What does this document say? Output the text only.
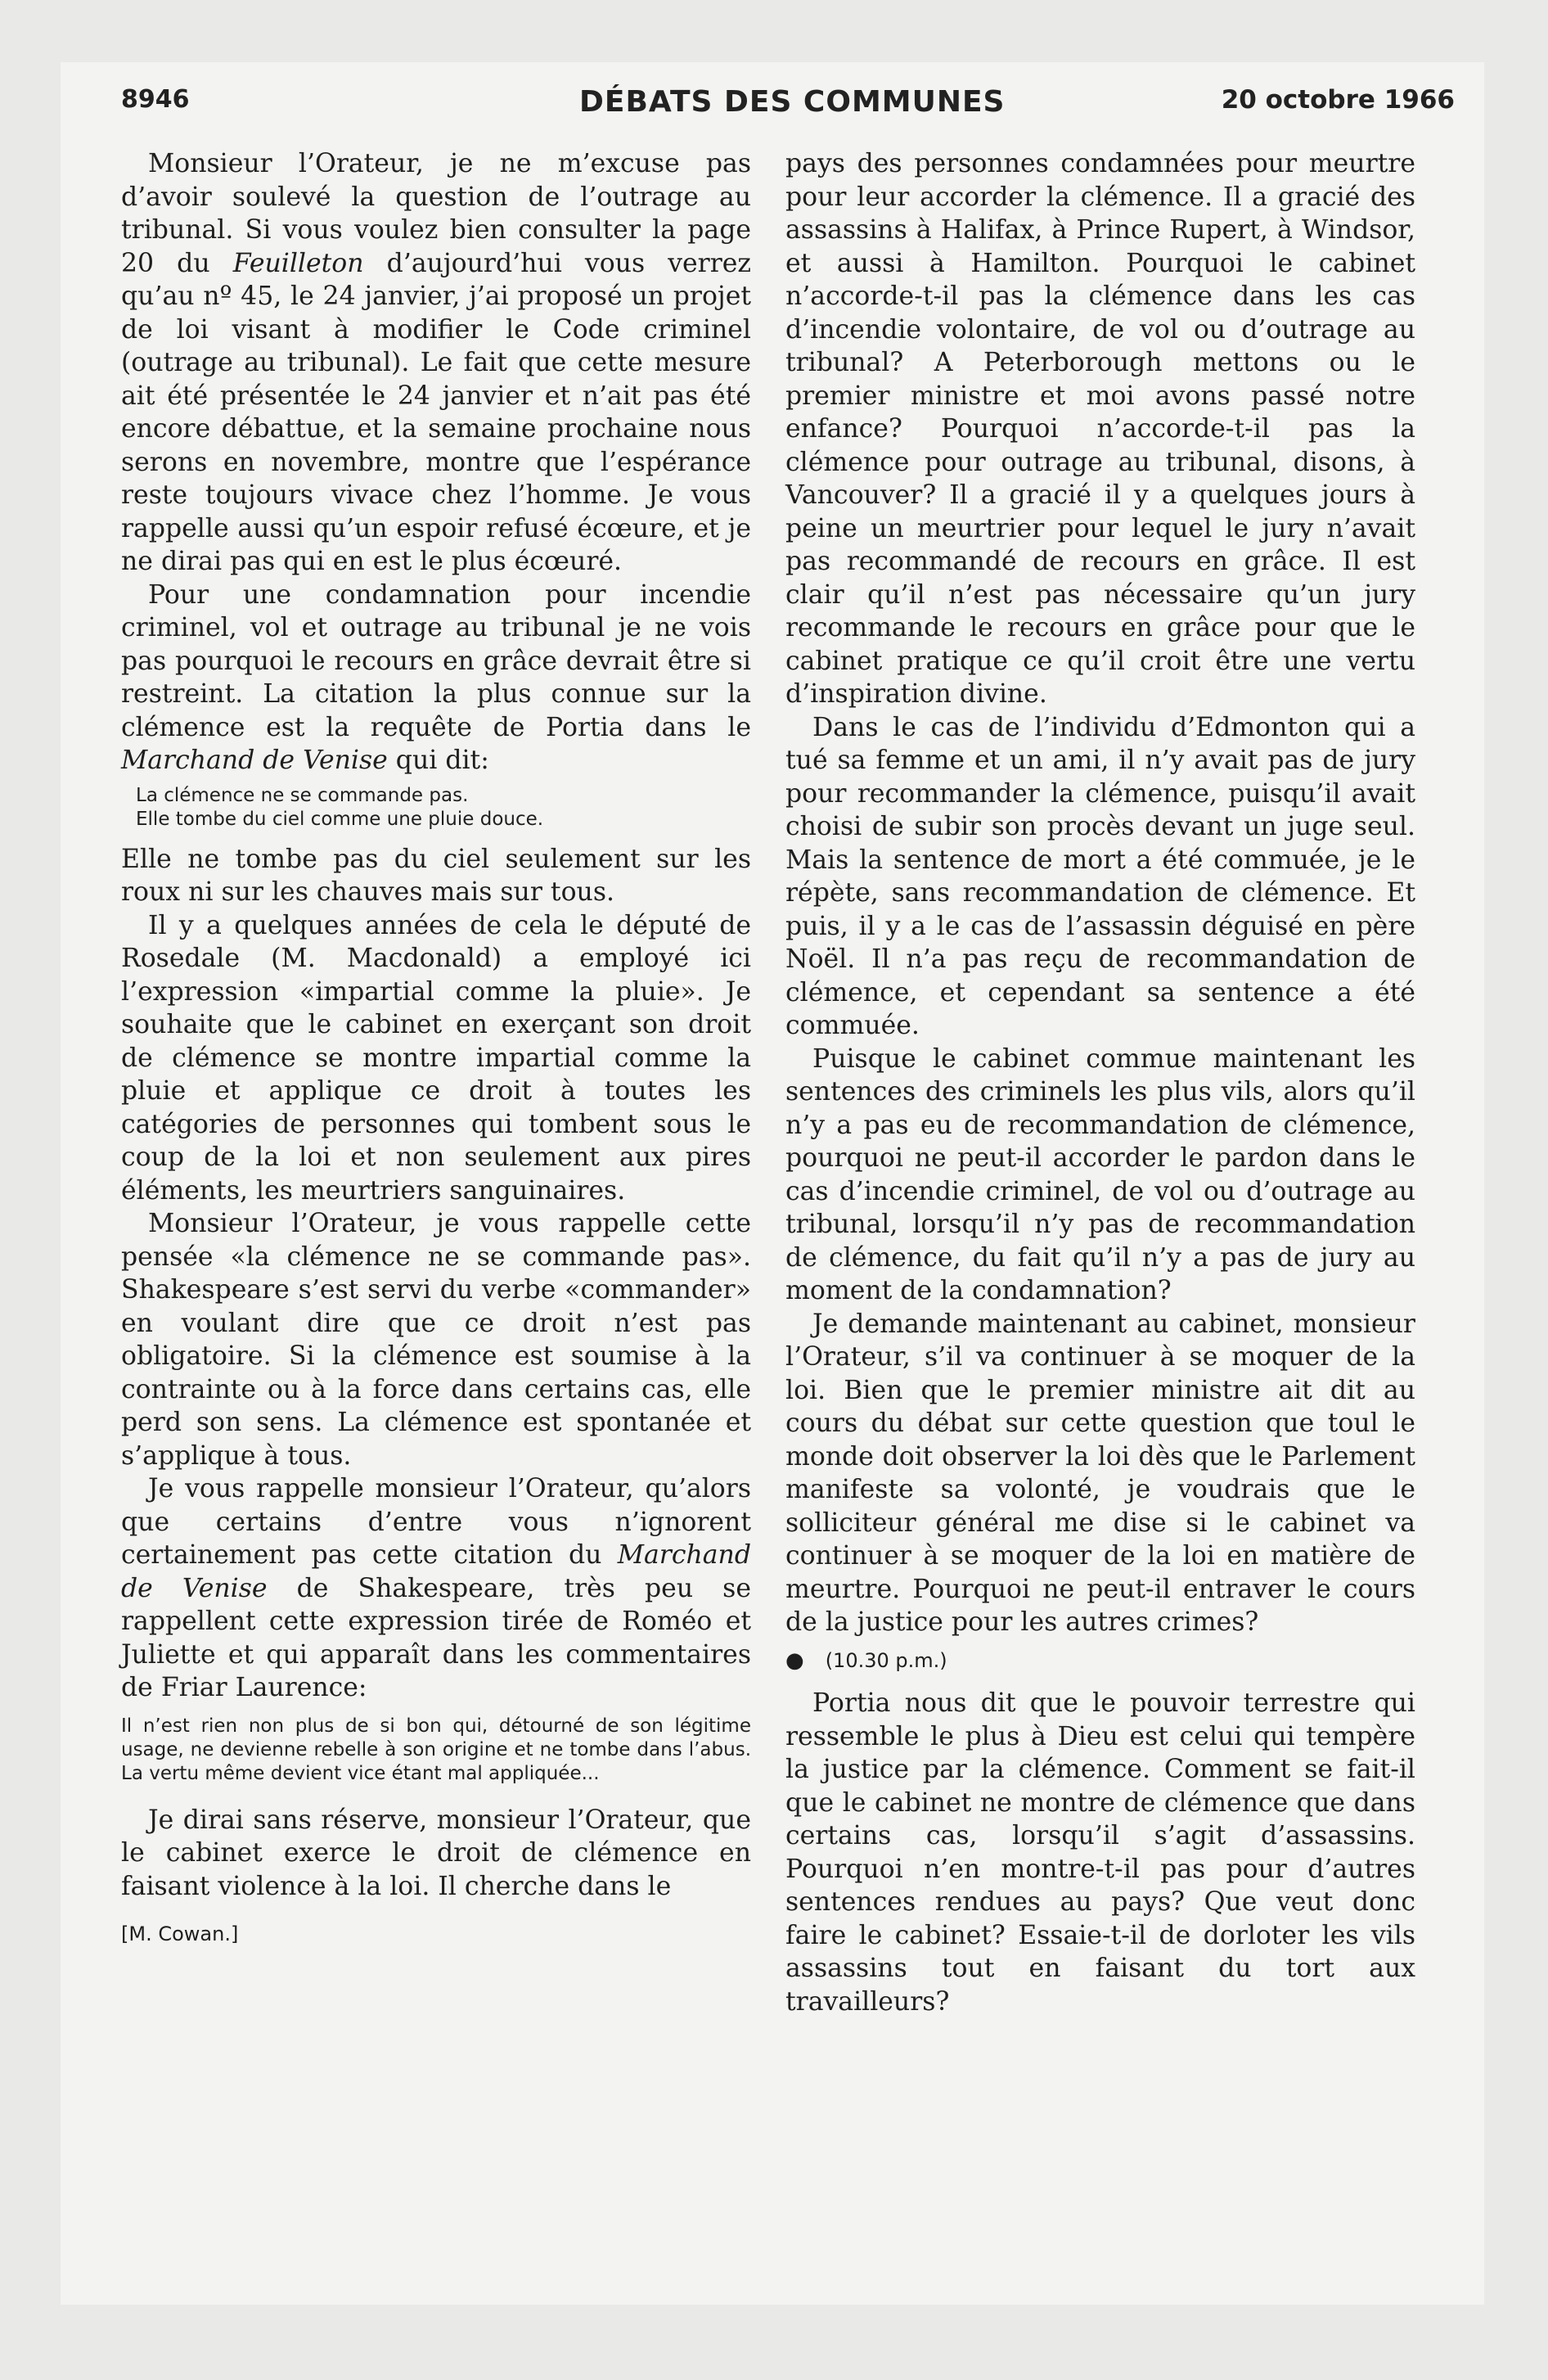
8946	DÉBATS DES COMMUNES	20 octobre 1966

Monsieur l’Orateur, je ne m’excuse pas d’avoir soulevé la question de l’outrage au tribunal. Si vous voulez bien consulter la page 20 du Feuilleton d’aujourd’hui vous verrez qu’au nº 45, le 24 janvier, j’ai proposé un projet de loi visant à modifier le Code criminel (outrage au tribunal). Le fait que cette mesure ait été présentée le 24 janvier et n’ait pas été encore débattue, et la semaine prochaine nous serons en novembre, montre que l’espérance reste toujours vivace chez l’homme. Je vous rappelle aussi qu’un espoir refusé écœure, et je ne dirai pas qui en est le plus écœuré.

Pour une condamnation pour incendie criminel, vol et outrage au tribunal je ne vois pas pourquoi le recours en grâce devrait être si restreint. La citation la plus connue sur la clémence est la requête de Portia dans le Marchand de Venise qui dit:

La clémence ne se commande pas.
Elle tombe du ciel comme une pluie douce.

Elle ne tombe pas du ciel seulement sur les roux ni sur les chauves mais sur tous.

Il y a quelques années de cela le député de Rosedale (M. Macdonald) a employé ici l’expression «impartial comme la pluie». Je souhaite que le cabinet en exerçant son droit de clémence se montre impartial comme la pluie et applique ce droit à toutes les catégories de personnes qui tombent sous le coup de la loi et non seulement aux pires éléments, les meurtriers sanguinaires.

Monsieur l’Orateur, je vous rappelle cette pensée «la clémence ne se commande pas». Shakespeare s’est servi du verbe «commander» en voulant dire que ce droit n’est pas obligatoire. Si la clémence est soumise à la contrainte ou à la force dans certains cas, elle perd son sens. La clémence est spontanée et s’applique à tous.

Je vous rappelle monsieur l’Orateur, qu’alors que certains d’entre vous n’ignorent certainement pas cette citation du Marchand de Venise de Shakespeare, très peu se rappellent cette expression tirée de Roméo et Juliette et qui apparaît dans les commentaires de Friar Laurence:

Il n’est rien non plus de si bon qui, détourné de son légitime usage, ne devienne rebelle à son origine et ne tombe dans l’abus. La vertu même devient vice étant mal appliquée...

Je dirai sans réserve, monsieur l’Orateur, que le cabinet exerce le droit de clémence en faisant violence à la loi. Il cherche dans le

[M. Cowan.]

pays des personnes condamnées pour meurtre pour leur accorder la clémence. Il a gracié des assassins à Halifax, à Prince Rupert, à Windsor, et aussi à Hamilton. Pourquoi le cabinet n’accorde-t-il pas la clémence dans les cas d’incendie volontaire, de vol ou d’outrage au tribunal? A Peterborough mettons ou le premier ministre et moi avons passé notre enfance? Pourquoi n’accorde-t-il pas la clémence pour outrage au tribunal, disons, à Vancouver? Il a gracié il y a quelques jours à peine un meurtrier pour lequel le jury n’avait pas recommandé de recours en grâce. Il est clair qu’il n’est pas nécessaire qu’un jury recommande le recours en grâce pour que le cabinet pratique ce qu’il croit être une vertu d’inspiration divine.

Dans le cas de l’individu d’Edmonton qui a tué sa femme et un ami, il n’y avait pas de jury pour recommander la clémence, puisqu’il avait choisi de subir son procès devant un juge seul. Mais la sentence de mort a été commuée, je le répète, sans recommandation de clémence. Et puis, il y a le cas de l’assassin déguisé en père Noël. Il n’a pas reçu de recommandation de clémence, et cependant sa sentence a été commuée.

Puisque le cabinet commue maintenant les sentences des criminels les plus vils, alors qu’il n’y a pas eu de recommandation de clémence, pourquoi ne peut-il accorder le pardon dans le cas d’incendie criminel, de vol ou d’outrage au tribunal, lorsqu’il n’y pas de recommandation de clémence, du fait qu’il n’y a pas de jury au moment de la condamnation?

Je demande maintenant au cabinet, monsieur l’Orateur, s’il va continuer à se moquer de la loi. Bien que le premier ministre ait dit au cours du débat sur cette question que toul le monde doit observer la loi dès que le Parlement manifeste sa volonté, je voudrais que le solliciteur général me dise si le cabinet va continuer à se moquer de la loi en matière de meurtre. Pourquoi ne peut-il entraver le cours de la justice pour les autres crimes?

● (10.30 p.m.)

Portia nous dit que le pouvoir terrestre qui ressemble le plus à Dieu est celui qui tempère la justice par la clémence. Comment se fait-il que le cabinet ne montre de clémence que dans certains cas, lorsqu’il s’agit d’assassins. Pourquoi n’en montre-t-il pas pour d’autres sentences rendues au pays? Que veut donc faire le cabinet? Essaie-t-il de dorloter les vils assassins tout en faisant du tort aux travailleurs?
